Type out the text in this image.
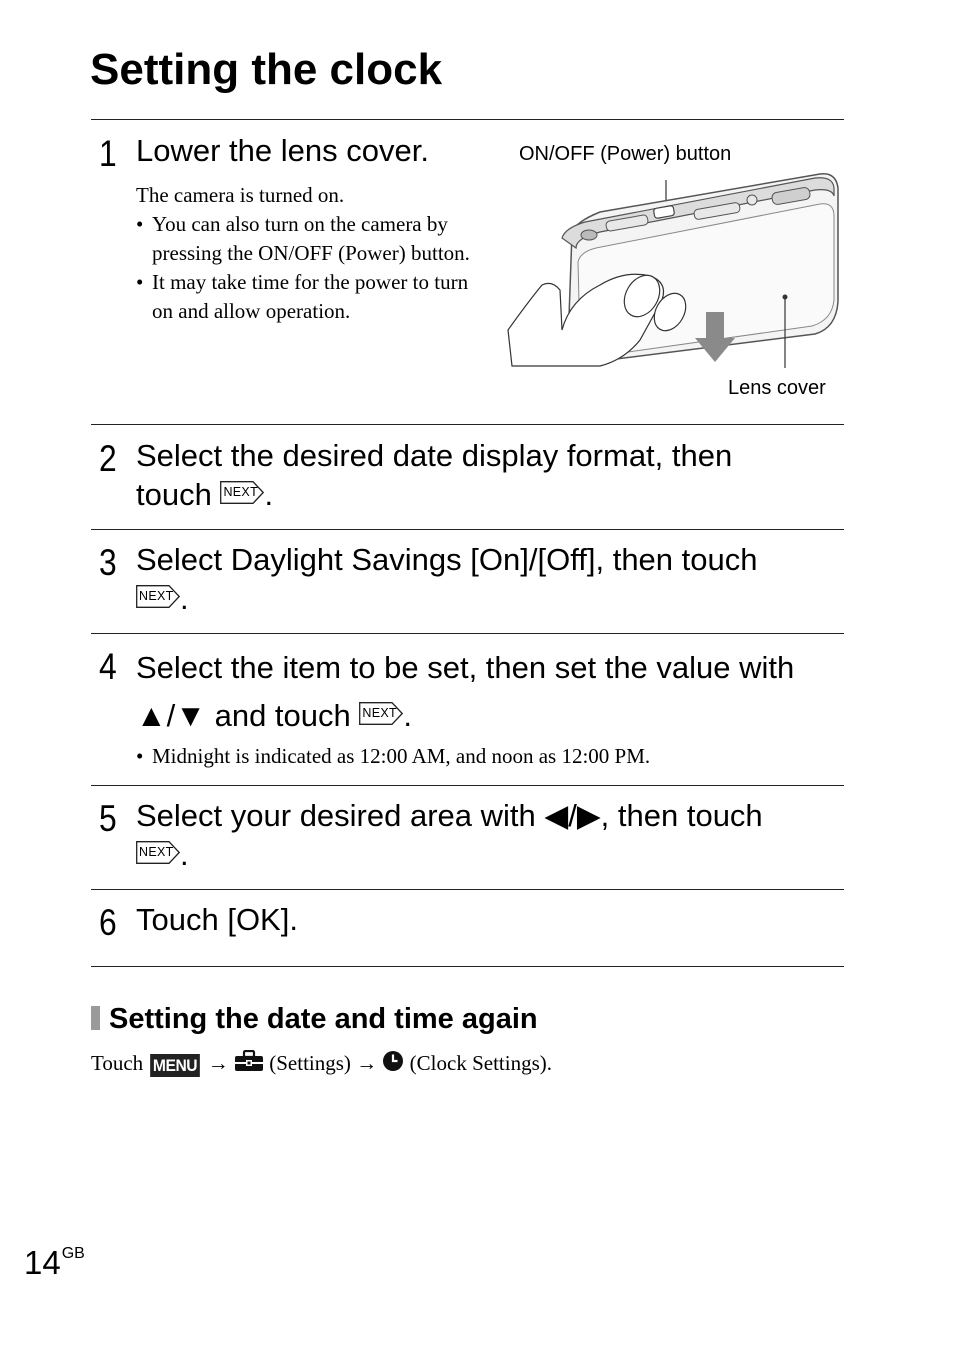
Setting the clock
1 Lower the lens cover.
The camera is turned on.
• You can also turn on the camera by pressing the ON/OFF (Power) button.
• It may take time for the power to turn on and allow operation.
ON/OFF (Power) button
Lens cover
2 Select the desired date display format, then
touch NEXT .
3 Select Daylight Savings [On]/[Off], then touch
NEXT .
4 Select the item to be set, then set the value with
▲/▼ and touch NEXT .
• Midnight is indicated as 12:00 AM, and noon as 12:00 PM.
5 Select your desired area with ◀/▶, then touch
NEXT .
6 Touch [OK].
Setting the date and time again
Touch MENU → (Settings) → (Clock Settings).
$14^{GB}$
